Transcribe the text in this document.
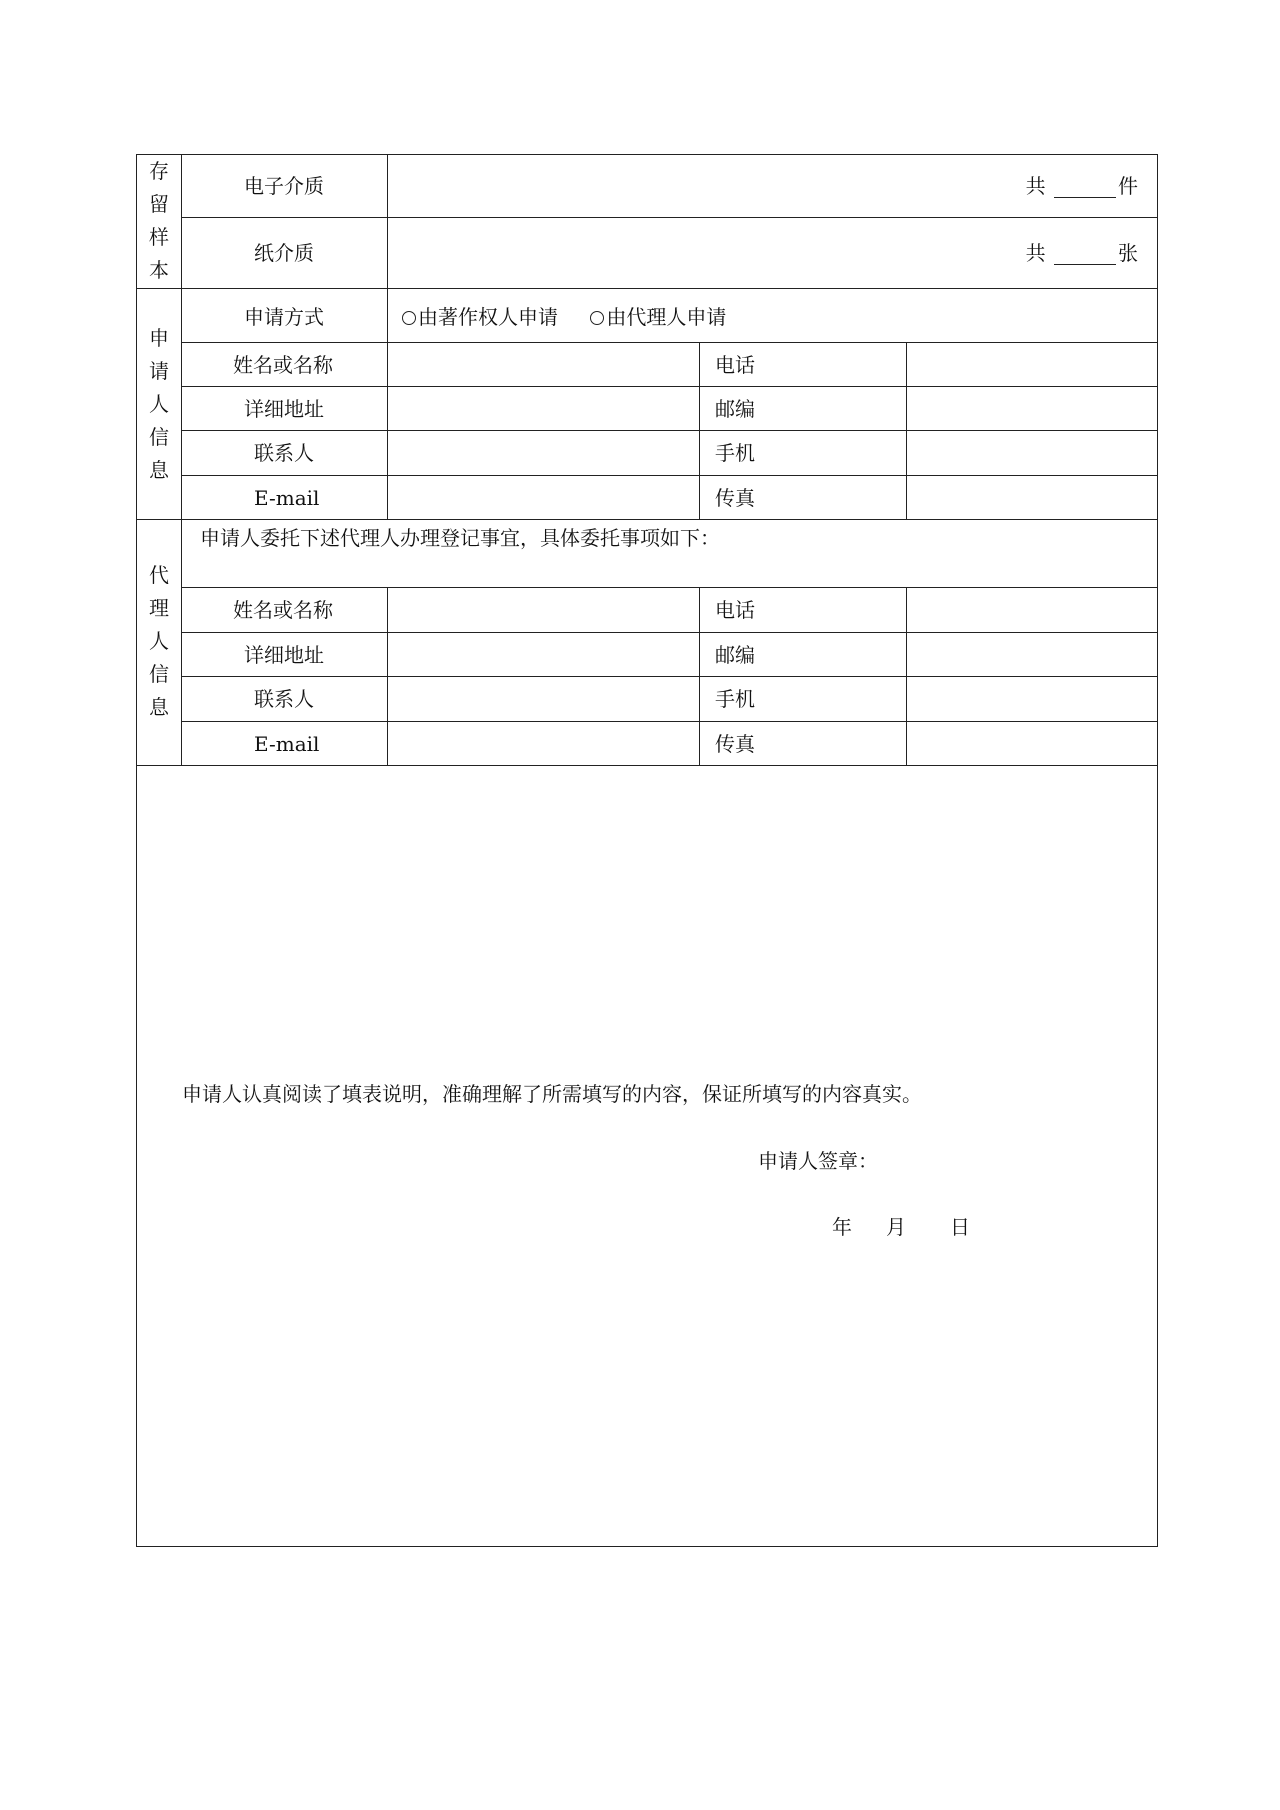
存留样本
电子介质	共	件
纸介质	共	张
申请人信息
申请方式	由著作权人申请 由代理人申请
姓名或名称	电话
详细地址	邮编
联系人	手机
E-mail	传真
代理人信息
申请人委托下述代理人办理登记事宜，具体委托事项如下：
姓名或名称	电话
详细地址	邮编
联系人	手机
E-mail	传真
申请人认真阅读了填表说明，准确理解了所需填写的内容，保证所填写的内容真实。
申请人签章：
年 月 日
